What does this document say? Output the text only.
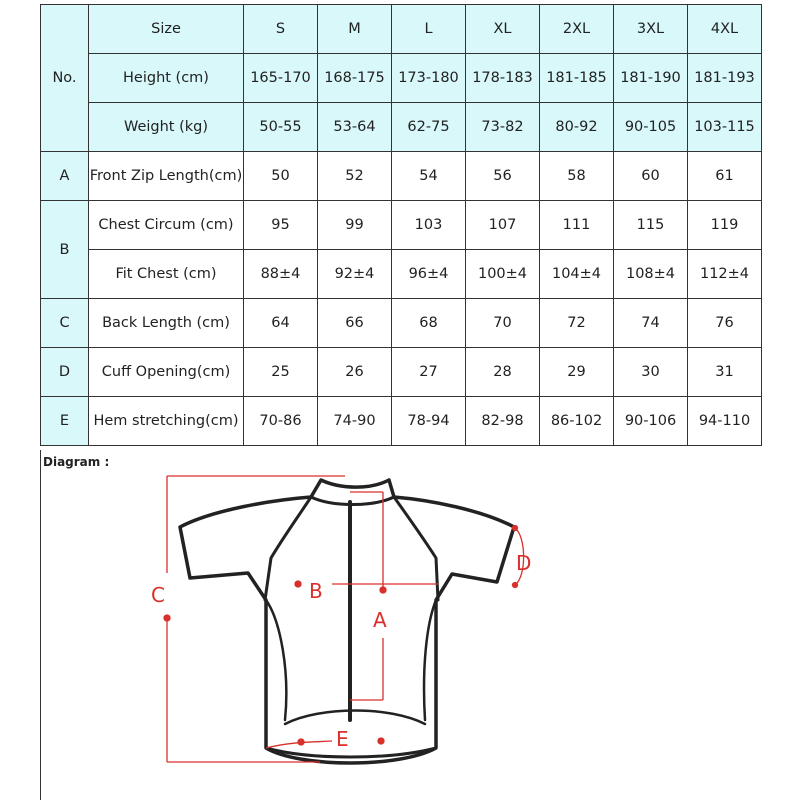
No.	Size	S	M	L	XL	2XL	3XL	4XL
	Height (cm)	165-170	168-175	173-180	178-183	181-185	181-190	181-193
	Weight (kg)	50-55	53-64	62-75	73-82	80-92	90-105	103-115
A	Front Zip Length(cm)	50	52	54	56	58	60	61
B	Chest Circum (cm)	95	99	103	107	111	115	119
	Fit Chest (cm)	88±4	92±4	96±4	100±4	104±4	108±4	112±4
C	Back Length (cm)	64	66	68	70	72	74	76
D	Cuff Opening(cm)	25	26	27	28	29	30	31
E	Hem stretching(cm)	70-86	74-90	78-94	82-98	86-102	90-106	94-110
Diagram :
C	B
A
D
E
